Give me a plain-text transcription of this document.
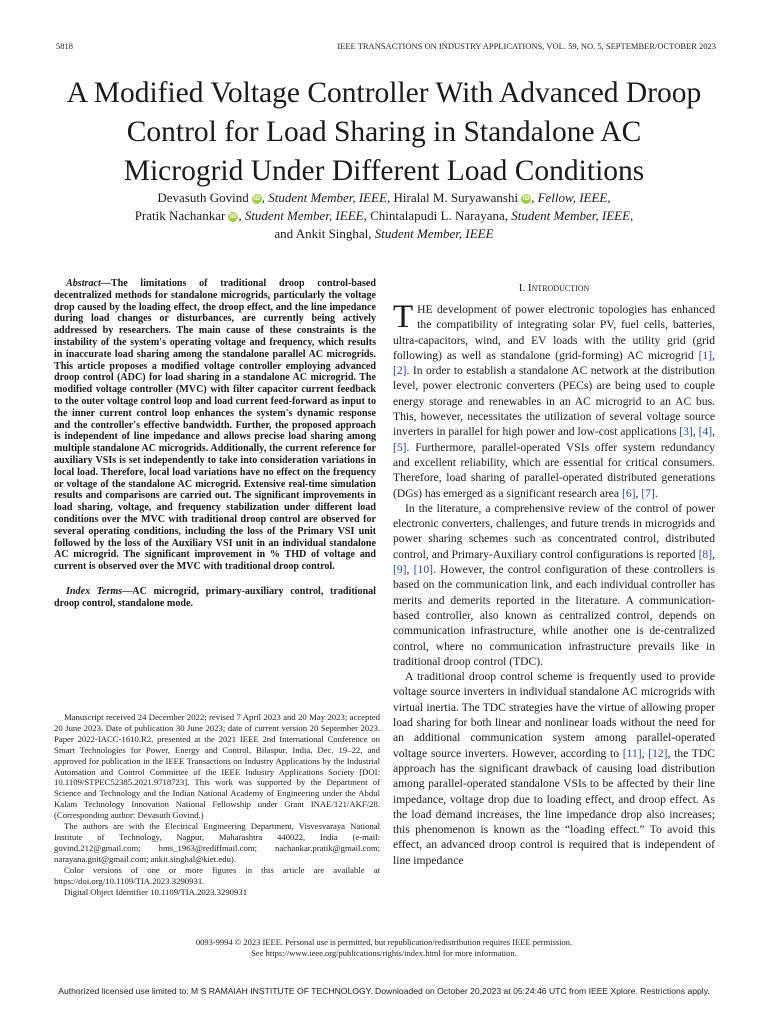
5818	IEEE TRANSACTIONS ON INDUSTRY APPLICATIONS, VOL. 59, NO. 5, SEPTEMBER/OCTOBER 2023
A Modified Voltage Controller With Advanced Droop
Control for Load Sharing in Standalone AC
Microgrid Under Different Load Conditions
Devasuth Govind iD, Student Member, IEEE, Hiralal M. Suryawanshi iD, Fellow, IEEE,
Pratik Nachankar iD, Student Member, IEEE, Chintalapudi L. Narayana, Student Member, IEEE,
and Ankit Singhal, Student Member, IEEE

Abstract—The limitations of traditional droop control-based decentralized methods for standalone microgrids, particularly the voltage drop caused by the loading effect, the droop effect, and the line impedance during load changes or disturbances, are currently being actively addressed by researchers. The main cause of these constraints is the instability of the system's operating voltage and frequency, which results in inaccurate load sharing among the standalone parallel AC microgrids. This article proposes a modified voltage controller employing advanced droop control (ADC) for load sharing in a standalone AC microgrid. The modified voltage controller (MVC) with filter capacitor current feedback to the outer voltage control loop and load current feed-forward as input to the inner current control loop enhances the system's dynamic response and the controller's effective bandwidth. Further, the proposed approach is independent of line impedance and allows precise load sharing among multiple standalone AC microgrids. Additionally, the current reference for auxiliary VSIs is set independently to take into consideration variations in local load. Therefore, local load variations have no effect on the frequency or voltage of the standalone AC microgrid. Extensive real-time simulation results and comparisons are carried out. The significant improvements in load sharing, voltage, and frequency stabilization under different load conditions over the MVC with traditional droop control are observed for several operating conditions, including the loss of the Primary VSI unit followed by the loss of the Auxiliary VSI unit in an individual standalone AC microgrid. The significant improvement in % THD of voltage and current is observed over the MVC with traditional droop control.

Index Terms—AC microgrid, primary-auxiliary control, traditional droop control, standalone mode.

Manuscript received 24 December 2022; revised 7 April 2023 and 20 May 2023; accepted 20 June 2023. Date of publication 30 June 2023; date of current version 20 September 2023. Paper 2022-IACC-1610.R2, presented at the 2021 IEEE 2nd International Conference on Smart Technologies for Power, Energy and Control, Bilaspur, India, Dec. 19–22, and approved for publication in the IEEE Transactions on Industry Applications by the Industrial Automation and Control Committee of the IEEE Industry Applications Society [DOI: 10.1109/STPEC52385.2021.9718723]. This work was supported by the Department of Science and Technology and the Indian National Academy of Engineering under the Abdul Kalam Technology Innovation National Fellowship under Grant INAE/121/AKF/28. (Corresponding author: Devasuth Govind.)

The authors are with the Electrical Engineering Department, Visvesvaraya National Institute of Technology, Nagpur, Maharashtra 440022, India (e-mail: govind.212@gmail.com; hms_1963@rediffmail.com; nachankar.pratik@gmail.com; narayana.gnit@gmail.com; ankit.singhal@kiet.edu).

Color versions of one or more figures in this article are available at https://doi.org/10.1109/TIA.2023.3290931.

Digital Object Identifier 10.1109/TIA.2023.3290931

I. Introduction

THE development of power electronic topologies has enhanced the compatibility of integrating solar PV, fuel cells, batteries, ultra-capacitors, wind, and EV loads with the utility grid (grid following) as well as standalone (grid-forming) AC microgrid [1], [2]. In order to establish a standalone AC network at the distribution level, power electronic converters (PECs) are being used to couple energy storage and renewables in an AC microgrid to an AC bus. This, however, necessitates the utilization of several voltage source inverters in parallel for high power and low-cost applications [3], [4], [5]. Furthermore, parallel-operated VSIs offer system redundancy and excellent reliability, which are essential for critical consumers. Therefore, load sharing of parallel-operated distributed generations (DGs) has emerged as a significant research area [6], [7].

In the literature, a comprehensive review of the control of power electronic converters, challenges, and future trends in microgrids and power sharing schemes such as concentrated control, distributed control, and Primary-Auxiliary control configurations is reported [8], [9], [10]. However, the control configuration of these controllers is based on the communication link, and each individual controller has merits and demerits reported in the literature. A communication-based controller, also known as centralized control, depends on communication infrastructure, while another one is de-centralized control, where no communication infrastructure prevails like in traditional droop control (TDC).

A traditional droop control scheme is frequently used to provide voltage source inverters in individual standalone AC microgrids with virtual inertia. The TDC strategies have the virtue of allowing proper load sharing for both linear and nonlinear loads without the need for an additional communication system among parallel-operated voltage source inverters. However, according to [11], [12], the TDC approach has the significant drawback of causing load distribution among parallel-operated standalone VSIs to be affected by their line impedance, voltage drop due to loading effect, and droop effect. As the load demand increases, the line impedance drop also increases; this phenomenon is known as the “loading effect.” To avoid this effect, an advanced droop control is required that is independent of line impedance

0093-9994 © 2023 IEEE. Personal use is permitted, but republication/redistribution requires IEEE permission.
See https://www.ieee.org/publications/rights/index.html for more information.
Authorized licensed use limited to: M S RAMAIAH INSTITUTE OF TECHNOLOGY. Downloaded on October 20,2023 at 05:24:46 UTC from IEEE Xplore. Restrictions apply.
